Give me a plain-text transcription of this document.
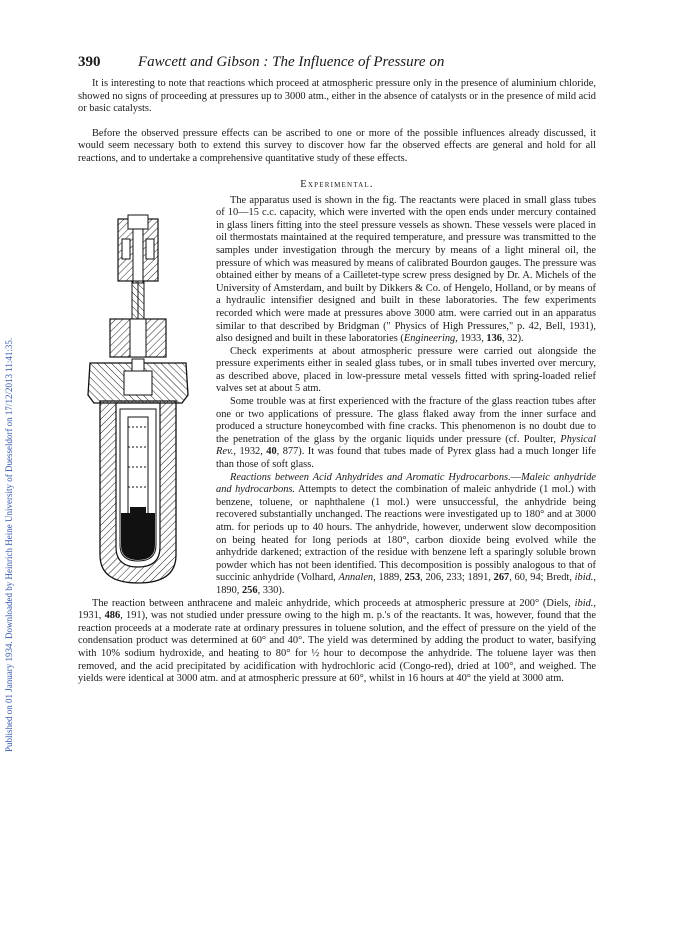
Published on 01 January 1934. Downloaded by Heinrich Heine University of Duesseldorf on 17/12/2013 11:41:35.
390	Fawcett and Gibson : The Influence of Pressure on

It is interesting to note that reactions which proceed at atmospheric pressure only in the presence of aluminium chloride, showed no signs of proceeding at pressures up to 3000 atm., either in the absence of catalysts or in the presence of mild acid or basic catalysts.

Before the observed pressure effects can be ascribed to one or more of the possible influences already discussed, it would seem necessary both to extend this survey to discover how far the observed effects are general and hold for all reactions, and to undertake a comprehensive quantitative study of these effects.

Experimental.

The apparatus used is shown in the fig. The reactants were placed in small glass tubes of 10—15 c.c. capacity, which were inverted with the open ends under mercury contained in glass liners fitting into the steel pressure vessels as shown. These vessels were placed in oil thermostats maintained at the required temperature, and pressure was transmitted to the samples under investigation through the mercury by means of a light mineral oil, the pressure of which was measured by means of calibrated Bourdon gauges. The pressure was obtained either by means of a Cailletet-type screw press designed by Dr. A. Michels of the University of Amsterdam, and built by Dikkers & Co. of Hengelo, Holland, or by means of a hydraulic intensifier designed and built in these laboratories. The few experiments recorded which were made at pressures above 3000 atm. were carried out in an apparatus similar to that described by Bridgman (" Physics of High Pressures," p. 42, Bell, 1931), also designed and built in these laboratories (Engineering, 1933, 136, 32).

Check experiments at about atmospheric pressure were carried out alongside the pressure experiments either in sealed glass tubes, or in small tubes inverted over mercury, as described above, placed in low-pressure metal vessels fitted with spring-loaded relief valves set at about 5 atm.

Some trouble was at first experienced with the fracture of the glass reaction tubes after one or two applications of pressure. The glass flaked away from the inner surface and produced a structure honeycombed with fine cracks. This phenomenon is no doubt due to the penetration of the glass by the organic liquids under pressure (cf. Poulter, Physical Rev., 1932, 40, 877). It was found that tubes made of Pyrex glass had a much longer life than those of soft glass.

Reactions between Acid Anhydrides and Aromatic Hydrocarbons.—Maleic anhydride and hydrocarbons. Attempts to detect the combination of maleic anhydride (1 mol.) with benzene, toluene, or naphthalene (1 mol.) were unsuccessful, the anhydride being recovered substantially unchanged. The reactions were investigated up to 180° and at 3000 atm. for periods up to 40 hours. The anhydride, however, underwent slow decomposition on being heated for long periods at 180°, carbon dioxide being evolved while the anhydride darkened; extraction of the residue with benzene left a sparingly soluble brown powder which has not been identified. This decomposition is possibly analogous to that of succinic anhydride (Volhard, Annalen, 1889, 253, 206, 233; 1891, 267, 60, 94; Bredt, ibid., 1890, 256, 330).

The reaction between anthracene and maleic anhydride, which proceeds at atmospheric pressure at 200° (Diels, ibid., 1931, 486, 191), was not studied under pressure owing to the high m. p.'s of the reactants. It was, however, found that the reaction proceeds at a moderate rate at ordinary pressures in toluene solution, and the effect of pressure on the yield of the condensation product was determined at 60° and 40°. The yield was determined by adding the product to water, basifying with 10% sodium hydroxide, and heating to 80° for ½ hour to decompose the anhydride. The toluene layer was then removed, and the acid precipitated by acidification with hydrochloric acid (Congo-red), dried at 100°, and weighed. The yields were identical at 3000 atm. and at atmospheric pressure at 60°, whilst in 16 hours at 40° the yield at 3000 atm.
